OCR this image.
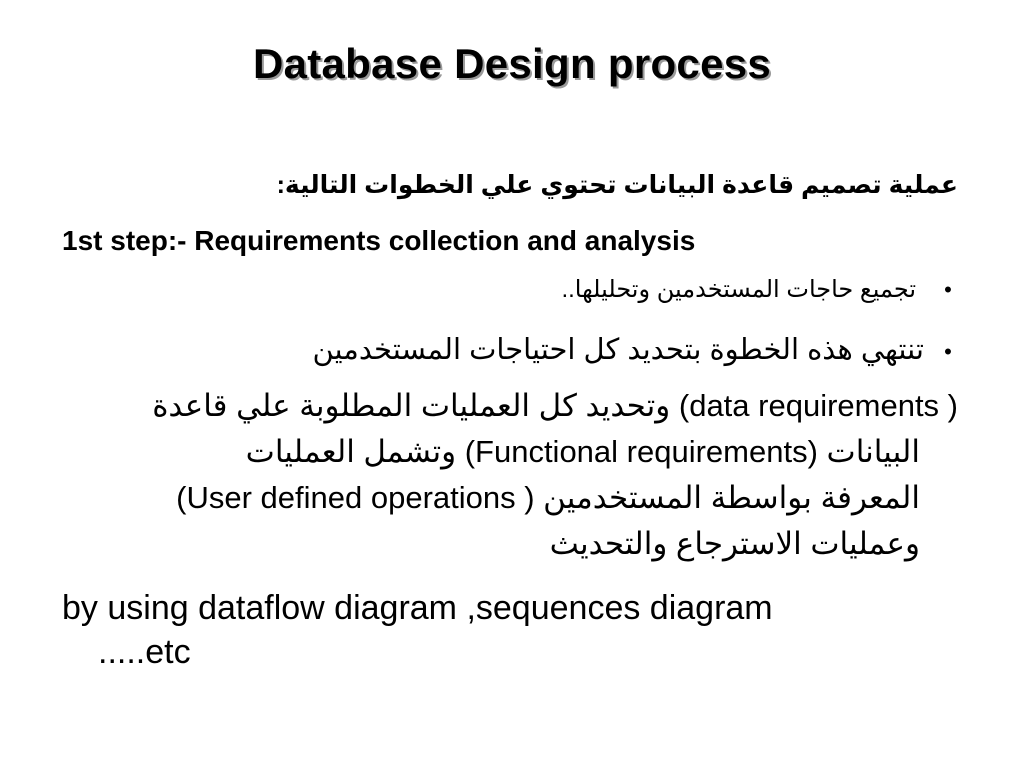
Database Design process
عملية تصميم قاعدة البيانات تحتوي علي الخطوات التالية:
1st step:- Requirements collection and analysis
•
تجميع حاجات المستخدمين وتحليلها..
•
تنتهي هذه الخطوة بتحديد كل احتياجات المستخدمين
(data requirements ) وتحديد كل العمليات المطلوبة علي قاعدة
البيانات (Functional requirements) وتشمل العمليات
المعرفة بواسطة المستخدمين (User defined operations )
وعمليات الاسترجاع والتحديث
by using dataflow diagram ,sequences diagram
.....etc
